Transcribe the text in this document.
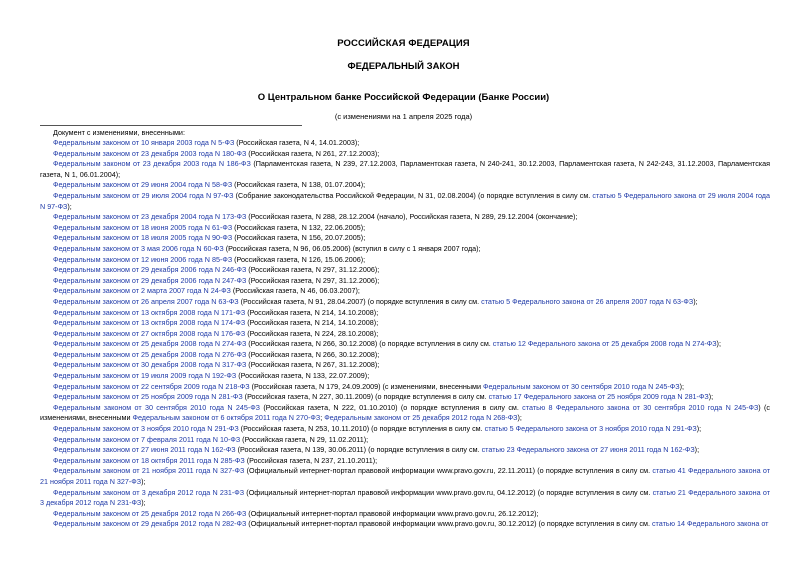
РОССИЙСКАЯ ФЕДЕРАЦИЯ
ФЕДЕРАЛЬНЫЙ ЗАКОН
О Центральном банке Российской Федерации (Банке России)
(с изменениями на 1 апреля 2025 года)
Документ с изменениями, внесенными:

Федеральным законом от 10 января 2003 года N 5-ФЗ (Российская газета, N 4, 14.01.2003);

Федеральным законом от 23 декабря 2003 года N 180-ФЗ (Российская газета, N 261, 27.12.2003);

Федеральным законом от 23 декабря 2003 года N 186-ФЗ (Парламентская газета, N 239, 27.12.2003, Парламентская газета, N 240-241, 30.12.2003, Парламентская газета, N 242-243, 31.12.2003, Парламентская газета, N 1, 06.01.2004);

Федеральным законом от 29 июня 2004 года N 58-ФЗ (Российская газета, N 138, 01.07.2004);

Федеральным законом от 29 июля 2004 года N 97-ФЗ (Собрание законодательства Российской Федерации, N 31, 02.08.2004) (о порядке вступления в силу см. статью 5 Федерального закона от 29 июля 2004 года N 97-ФЗ);

Федеральным законом от 23 декабря 2004 года N 173-ФЗ (Российская газета, N 288, 28.12.2004 (начало), Российская газета, N 289, 29.12.2004 (окончание);

Федеральным законом от 18 июня 2005 года N 61-ФЗ (Российская газета, N 132, 22.06.2005);

Федеральным законом от 18 июля 2005 года N 90-ФЗ (Российская газета, N 156, 20.07.2005);

Федеральным законом от 3 мая 2006 года N 60-ФЗ (Российская газета, N 96, 06.05.2006) (вступил в силу с 1 января 2007 года);

Федеральным законом от 12 июня 2006 года N 85-ФЗ (Российская газета, N 126, 15.06.2006);

Федеральным законом от 29 декабря 2006 года N 246-ФЗ (Российская газета, N 297, 31.12.2006);

Федеральным законом от 29 декабря 2006 года N 247-ФЗ (Российская газета, N 297, 31.12.2006);

Федеральным законом от 2 марта 2007 года N 24-ФЗ (Российская газета, N 46, 06.03.2007);

Федеральным законом от 26 апреля 2007 года N 63-ФЗ (Российская газета, N 91, 28.04.2007) (о порядке вступления в силу см. статью 5 Федерального закона от 26 апреля 2007 года N 63-ФЗ);

Федеральным законом от 13 октября 2008 года N 171-ФЗ (Российская газета, N 214, 14.10.2008);

Федеральным законом от 13 октября 2008 года N 174-ФЗ (Российская газета, N 214, 14.10.2008);

Федеральным законом от 27 октября 2008 года N 176-ФЗ (Российская газета, N 224, 28.10.2008);

Федеральным законом от 25 декабря 2008 года N 274-ФЗ (Российская газета, N 266, 30.12.2008) (о порядке вступления в силу см. статью 12 Федерального закона от 25 декабря 2008 года N 274-ФЗ);

Федеральным законом от 25 декабря 2008 года N 276-ФЗ (Российская газета, N 266, 30.12.2008);

Федеральным законом от 30 декабря 2008 года N 317-ФЗ (Российская газета, N 267, 31.12.2008);

Федеральным законом от 19 июля 2009 года N 192-ФЗ (Российская газета, N 133, 22.07.2009);

Федеральным законом от 22 сентября 2009 года N 218-ФЗ (Российская газета, N 179, 24.09.2009) (с изменениями, внесенными Федеральным законом от 30 сентября 2010 года N 245-ФЗ);

Федеральным законом от 25 ноября 2009 года N 281-ФЗ (Российская газета, N 227, 30.11.2009) (о порядке вступления в силу см. статью 17 Федерального закона от 25 ноября 2009 года N 281-ФЗ);

Федеральным законом от 30 сентября 2010 года N 245-ФЗ (Российская газета, N 222, 01.10.2010) (о порядке вступления в силу см. статью 8 Федерального закона от 30 сентября 2010 года N 245-ФЗ) (с изменениями, внесенными Федеральным законом от 6 октября 2011 года N 270-ФЗ; Федеральным законом от 25 декабря 2012 года N 268-ФЗ);

Федеральным законом от 3 ноября 2010 года N 291-ФЗ (Российская газета, N 253, 10.11.2010) (о порядке вступления в силу см. статью 5 Федерального закона от 3 ноября 2010 года N 291-ФЗ);

Федеральным законом от 7 февраля 2011 года N 10-ФЗ (Российская газета, N 29, 11.02.2011);

Федеральным законом от 27 июня 2011 года N 162-ФЗ (Российская газета, N 139, 30.06.2011) (о порядке вступления в силу см. статью 23 Федерального закона от 27 июня 2011 года N 162-ФЗ);

Федеральным законом от 18 октября 2011 года N 285-ФЗ (Российская газета, N 237, 21.10.2011);

Федеральным законом от 21 ноября 2011 года N 327-ФЗ (Официальный интернет-портал правовой информации www.pravo.gov.ru, 22.11.2011) (о порядке вступления в силу см. статью 41 Федерального закона от 21 ноября 2011 года N 327-ФЗ);

Федеральным законом от 3 декабря 2012 года N 231-ФЗ (Официальный интернет-портал правовой информации www.pravo.gov.ru, 04.12.2012) (о порядке вступления в силу см. статью 21 Федерального закона от 3 декабря 2012 года N 231-ФЗ);

Федеральным законом от 25 декабря 2012 года N 266-ФЗ (Официальный интернет-портал правовой информации www.pravo.gov.ru, 26.12.2012);

Федеральным законом от 29 декабря 2012 года N 282-ФЗ (Официальный интернет-портал правовой информации www.pravo.gov.ru, 30.12.2012) (о порядке вступления в силу см. статью 14 Федерального закона от
